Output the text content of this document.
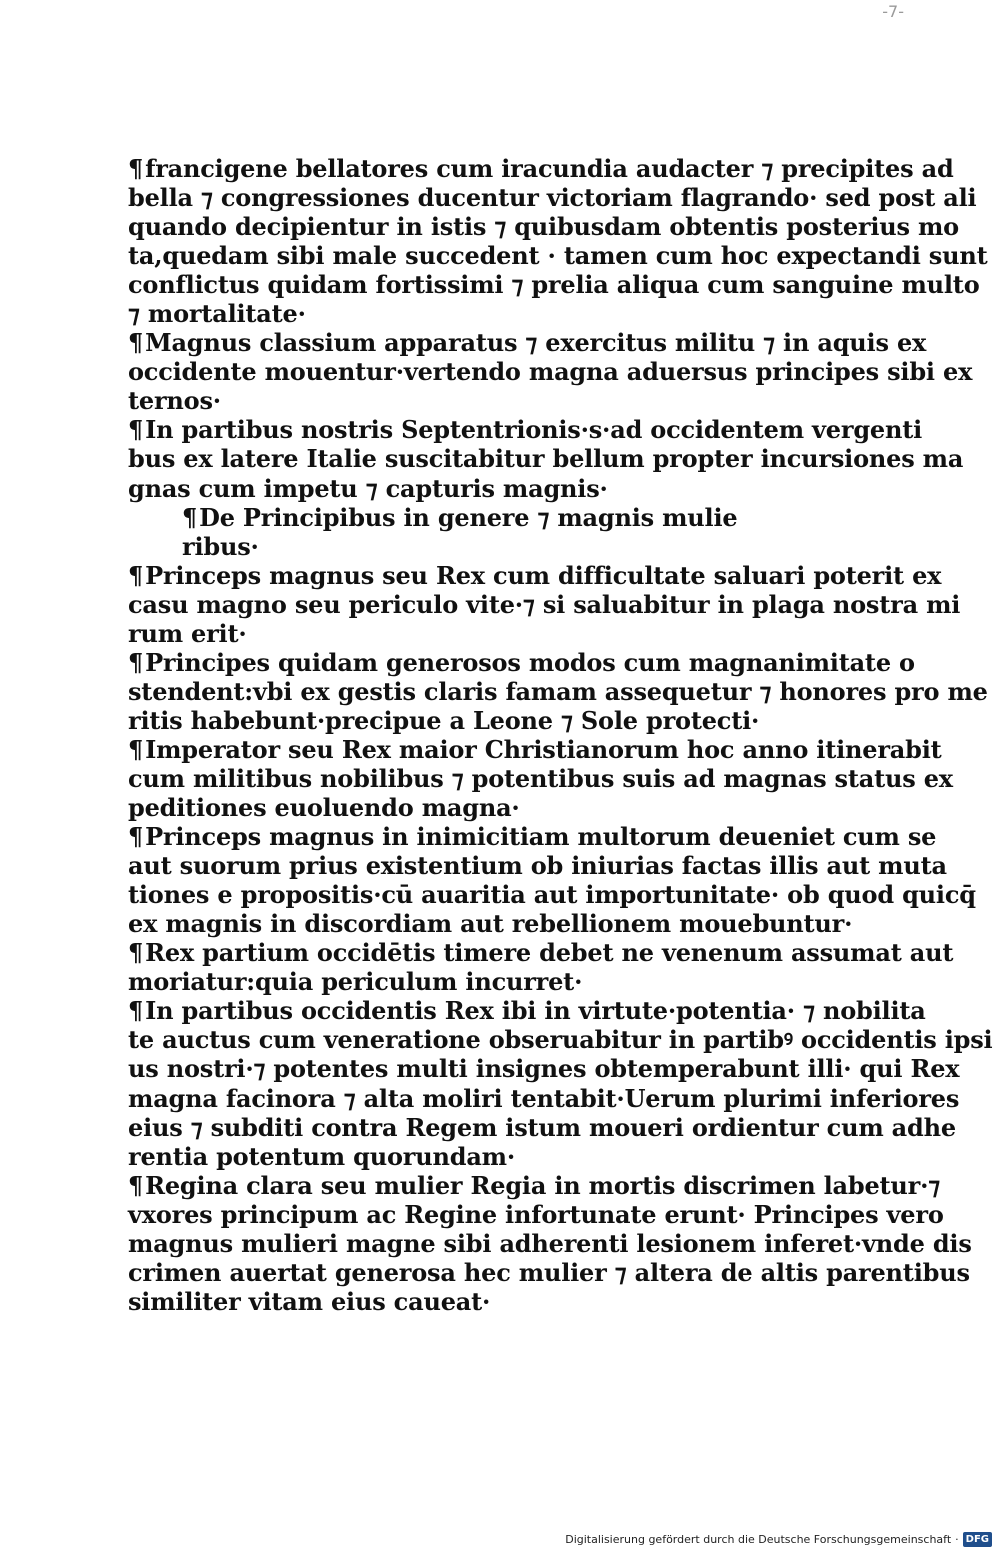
-7-
¶francigene bellatores cum iracundia audacter ⁊ precipites ad
bella ⁊ congressiones ducentur victoriam flagrando· sed post ali
quando decipientur in istis ⁊ quibusdam obtentis posterius mo
ta,quedam sibi male succedent · tamen cum hoc expectandi sunt
conflictus quidam fortissimi ⁊ prelia aliqua cum sanguine multo
⁊ mortalitate·
¶Magnus classium apparatus ⁊ exercitus militu ⁊ in aquis ex
occidente mouentur·vertendo magna aduersus principes sibi ex
ternos·
¶In partibus nostris Septentrionis·s·ad occidentem vergenti
bus ex latere Italie suscitabitur bellum propter incursiones ma
gnas cum impetu ⁊ capturis magnis·
¶De Principibus in genere ⁊ magnis mulie
ribus·
¶Princeps magnus seu Rex cum difficultate saluari poterit ex
casu magno seu periculo vite·⁊ si saluabitur in plaga nostra mi
rum erit·
¶Principes quidam generosos modos cum magnanimitate o
stendent:vbi ex gestis claris famam assequetur ⁊ honores pro me
ritis habebunt·precipue a Leone ⁊ Sole protecti·
¶Imperator seu Rex maior Christianorum hoc anno itinerabit
cum militibus nobilibus ⁊ potentibus suis ad magnas status ex
peditiones euoluendo magna·
¶Princeps magnus in inimicitiam multorum deueniet cum se
aut suorum prius existentium ob iniurias factas illis aut muta
tiones e propositis·cū auaritia aut importunitate· ob quod quicq̄
ex magnis in discordiam aut rebellionem mouebuntur·
¶Rex partium occidētis timere debet ne venenum assumat aut
moriatur:quia periculum incurret·
¶In partibus occidentis Rex ibi in virtute·potentia· ⁊ nobilita
te auctus cum veneratione obseruabitur in partibꝰ occidentis ipsi
us nostri·⁊ potentes multi insignes obtemperabunt illi· qui Rex
magna facinora ⁊ alta moliri tentabit·Uerum plurimi inferiores
eius ⁊ subditi contra Regem istum moueri ordientur cum adhe
rentia potentum quorundam·
¶Regina clara seu mulier Regia in mortis discrimen labetur·⁊
vxores principum ac Regine infortunate erunt· Principes vero
magnus mulieri magne sibi adherenti lesionem inferet·vnde dis
crimen auertat generosa hec mulier ⁊ altera de altis parentibus
similiter vitam eius caueat·
Digitalisierung gefördert durch die Deutsche Forschungsgemeinschaft · DFG
